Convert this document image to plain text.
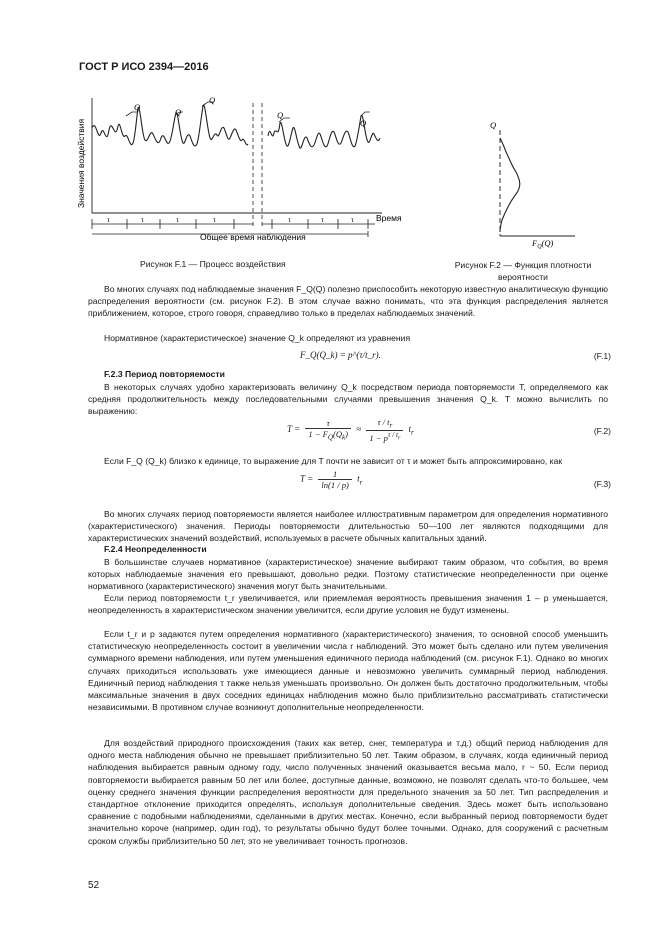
ГОСТ Р ИСО 2394—2016
Значения воздействия
Q	Q
Q
Q
Q
τ	τ	τ	τ	τ	τ	τ	Время
Общее время наблюдения
Рисунок F.1 — Процесс воздействия
Q
$F_Q(Q)$
Рисунок F.2 — Функция плотности
вероятности

Во многих случаях под наблюдаемые значения F_Q(Q) полезно приспособить некоторую известную аналитическую функцию распределения вероятности (см. рисунок F.2). В этом случае важно понимать, что эта функция распределения является приближением, которое, строго говоря, справедливо только в пределах наблюдаемых значений.

Нормативное (характеристическое) значение Q_k определяют из уравнения

F_Q(Q_k) = p^(τ/t_r).	(F.1)
F.2.3 Период повторяемости

В некоторых случаях удобно характеризовать величину Q_k посредством периода повторяемости T, определяемого как средняя продолжительность между последовательными случаями превышения значения Q_k. T можно вычислить по выражению:

$T = \frac{\tau}{1 - F_Q(Q_k)} \approx \frac{\tau / t_r}{1 - p^{\tau / t_r}} t_r$	(F.2)

Если F_Q (Q_k) близко к единице, то выражение для T почти не зависит от τ и может быть аппроксимировано, как

$T = \frac{1}{\ln(1 / p)} t_r$	(F.3)

Во многих случаях период повторяемости является наиболее иллюстративным параметром для определения нормативного (характеристического) значения. Периоды повторяемости длительностью 50—100 лет являются подходящими для характеристических значений воздействий, используемых в расчете обычных капитальных зданий.

F.2.4 Неопределенности

В большинстве случаев нормативное (характеристическое) значение выбирают таким образом, что события, во время которых наблюдаемые значения его превышают, довольно редки. Поэтому статистические неопределенности при оценке нормативного (характеристического) значения могут быть значительными.

Если период повторяемости t_r увеличивается, или приемлемая вероятность превышения значения 1 – p уменьшается, неопределенность в характеристическом значении увеличится, если другие условия не будут изменены.

Если t_r и p задаются путем определения нормативного (характеристического) значения, то основной способ уменьшить статистическую неопределенность состоит в увеличении числа r наблюдений. Это может быть сделано или путем увеличения суммарного времени наблюдения, или путем уменьшения единичного периода наблюдений (см. рисунок F.1). Однако во многих случаях приходиться использовать уже имеющиеся данные и невозможно увеличить суммарный период наблюдения. Единичный период наблюдения τ также нельзя уменьшать произвольно. Он должен быть достаточно продолжительным, чтобы максимальные значения в двух соседних единицах наблюдения можно было приблизительно рассматривать статистически независимыми. В противном случае возникнут дополнительные неопределенности.

Для воздействий природного происхождения (таких как ветер, снег, температура и т.д.) общий период наблюдения для одного места наблюдения обычно не превышает приблизительно 50 лет. Таким образом, в случаях, когда единичный период наблюдения выбирается равным одному году, число полученных значений оказывается весьма мало, r ~ 50. Если период повторяемости выбирается равным 50 лет или более, доступные данные, возможно, не позволят сделать что-то большее, чем оценку среднего значения функции распределения вероятности для предельного значения за 50 лет. Тип распределения и стандартное отклонение приходится определять, используя дополнительные сведения. Здесь может быть использовано сравнение с подобными наблюдениями, сделанными в других местах. Конечно, если выбранный период повторяемости будет значительно короче (например, один год), то результаты обычно будут более точными. Однако, для сооружений с расчетным сроком службы приблизительно 50 лет, это не увеличивает точность прогнозов.

52
